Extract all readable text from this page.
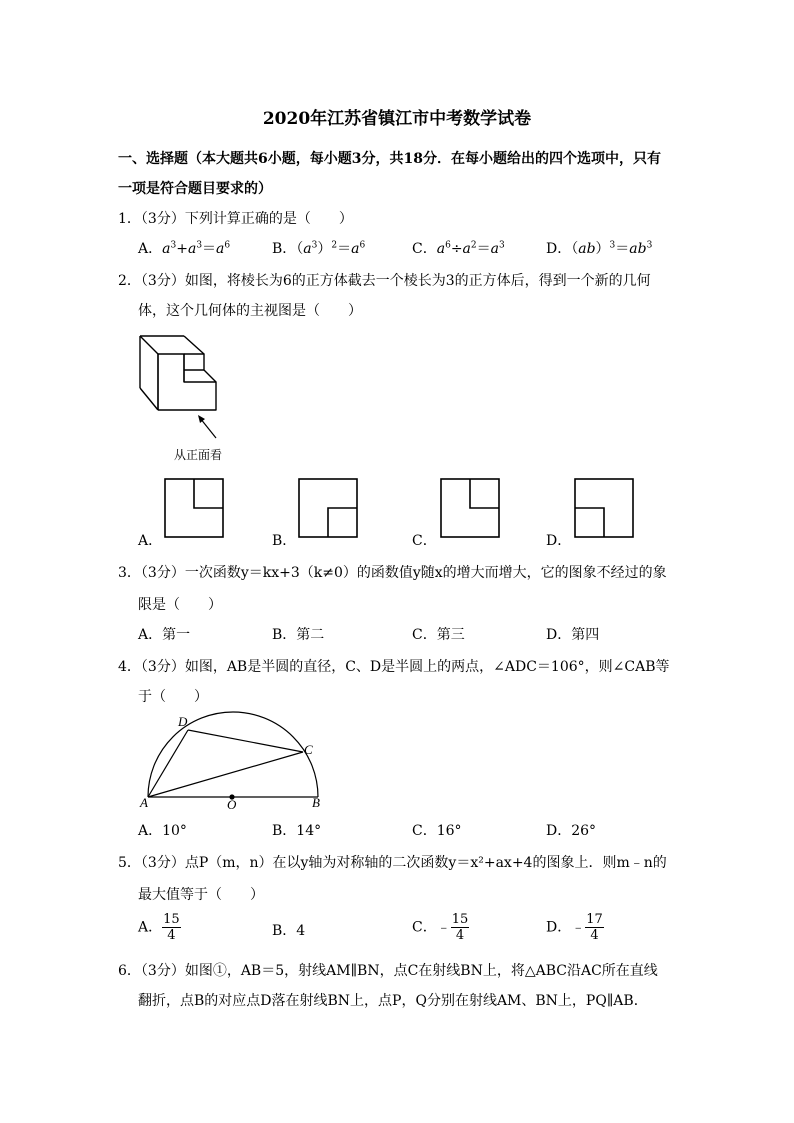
2020年江苏省镇江市中考数学试卷
一、选择题（本大题共6小题，每小题3分，共18分．在每小题给出的四个选项中，只有
一项是符合题目要求的）
1．（3分）下列计算正确的是（　　）
A．$a^3+a^3=a^6$	B．$(a^3)^2=a^6$	C．$a^6\div a^2=a^3$	D．$(ab)^3=ab^3$
2．（3分）如图，将棱长为6的正方体截去一个棱长为3的正方体后，得到一个新的几何
体，这个几何体的主视图是（　　）
从正面看
A．	B．	C．	D．
3．（3分）一次函数y＝kx+3（k≠0）的函数值y随x的增大而增大，它的图象不经过的象
限是（　　）
A．第一	B．第二	C．第三	D．第四
4．（3分）如图，AB是半圆的直径，C、D是半圆上的两点，∠ADC＝106°，则∠CAB等
于（　　）
D
C
A	O	B
A．10°	B．14°	C．16°	D．26°
5．（3分）点P（m，n）在以y轴为对称轴的二次函数y＝x²+ax+4的图象上．则m﹣n的
最大值等于（　　）
A． $\frac{15}{4}$	B．4	C．﹣ $\frac{15}{4}$	D．﹣ $\frac{17}{4}$
6．（3分）如图①，AB＝5，射线AM∥BN，点C在射线BN上，将△ABC沿AC所在直线
翻折，点B的对应点D落在射线BN上，点P，Q分别在射线AM、BN上，PQ∥AB．
